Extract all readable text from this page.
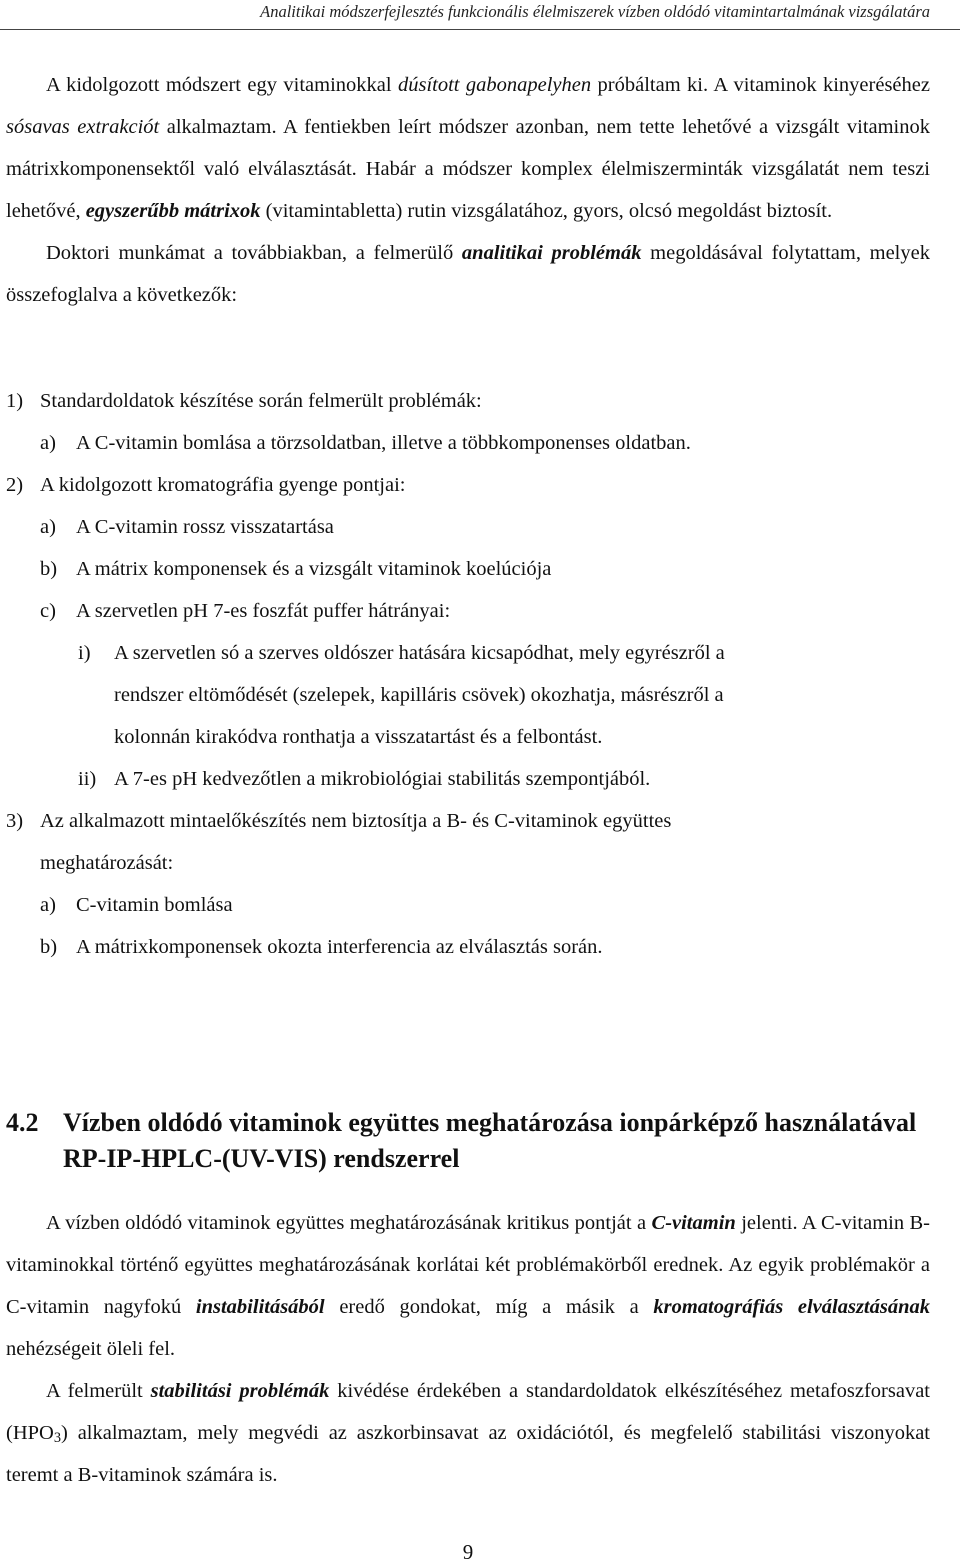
Analitikai módszerfejlesztés funkcionális élelmiszerek vízben oldódó vitamintartalmának vizsgálatára

A kidolgozott módszert egy vitaminokkal dúsított gabonapelyhen próbáltam ki. A vitaminok kinyeréséhez sósavas extrakciót alkalmaztam. A fentiekben leírt módszer azonban, nem tette lehetővé a vizsgált vitaminok mátrixkomponensektől való elválasztását. Habár a módszer komplex élelmiszerminták vizsgálatát nem teszi lehetővé, egyszerűbb mátrixok (vitamintabletta) rutin vizsgálatához, gyors, olcsó megoldást biztosít.

Doktori munkámat a továbbiakban, a felmerülő analitikai problémák megoldásával folytattam, melyek összefoglalva a következők:

1) Standardoldatok készítése során felmerült problémák:
a) A C-vitamin bomlása a törzsoldatban, illetve a többkomponenses oldatban.
2) A kidolgozott kromatográfia gyenge pontjai:
a) A C-vitamin rossz visszatartása
b) A mátrix komponensek és a vizsgált vitaminok koelúciója
c) A szervetlen pH 7-es foszfát puffer hátrányai:
i) A szervetlen só a szerves oldószer hatására kicsapódhat, mely egyrészről a
rendszer eltömődését (szelepek, kapilláris csövek) okozhatja, másrészről a
kolonnán kirakódva ronthatja a visszatartást és a felbontást.
ii) A 7-es pH kedvezőtlen a mikrobiológiai stabilitás szempontjából.
3) Az alkalmazott mintaelőkészítés nem biztosítja a B- és C-vitaminok együttes
meghatározását:
a) C-vitamin bomlása
b) A mátrixkomponensek okozta interferencia az elválasztás során.
4.2 Vízben oldódó vitaminok együttes meghatározása ionpárképző használatával RP-IP-HPLC-(UV-VIS) rendszerrel

A vízben oldódó vitaminok együttes meghatározásának kritikus pontját a C-vitamin jelenti. A C-vitamin B-vitaminokkal történő együttes meghatározásának korlátai két problémakörből erednek. Az egyik problémakör a C-vitamin nagyfokú instabilitásából eredő gondokat, míg a másik a kromatográfiás elválasztásának nehézségeit öleli fel.

A felmerült stabilitási problémák kivédése érdekében a standardoldatok elkészítéséhez metafoszforsavat $(HPO_3)$ alkalmaztam, mely megvédi az aszkorbinsavat az oxidációtól, és megfelelő stabilitási viszonyokat teremt a B-vitaminok számára is.

9
